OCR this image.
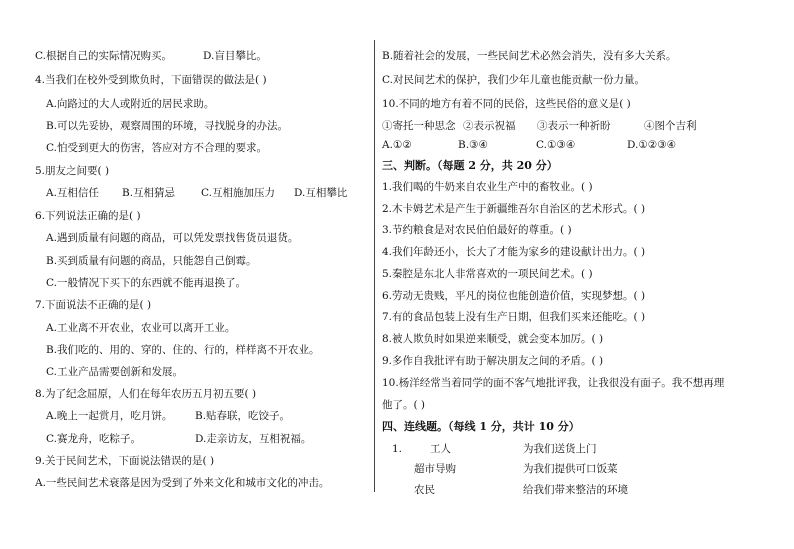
C.根据自己的实际情况购买。	D.盲目攀比。
4.当我们在校外受到欺负时，下面错误的做法是( )
A.向路过的大人或附近的居民求助。
B.可以先妥协，观察周围的环境，寻找脱身的办法。
C.怕受到更大的伤害，答应对方不合理的要求。
5.朋友之间要( )
A.互相信任 B.互相猜忌 C.互相施加压力 D.互相攀比
6.下列说法正确的是( )
A.遇到质量有问题的商品，可以凭发票找售货员退货。
B.买到质量有问题的商品，只能怨自己倒霉。
C.一般情况下买下的东西就不能再退换了。
7.下面说法不正确的是( )
A.工业离不开农业，农业可以离开工业。
B.我们吃的、用的、穿的、住的、行的，样样离不开农业。
C.工业产品需要创新和发展。
8.为了纪念屈原，人们在每年农历五月初五要( )
A.晚上一起赏月，吃月饼。 B.贴春联，吃饺子。
C.赛龙舟，吃粽子。	D.走亲访友，互相祝福。
9.关于民间艺术，下面说法错误的是( )
A.一些民间艺术衰落是因为受到了外来文化和城市文化的冲击。
B.随着社会的发展，一些民间艺术必然会消失，没有多大关系。
C.对民间艺术的保护，我们少年儿童也能贡献一份力量。
10.不同的地方有着不同的民俗，这些民俗的意义是( )
①寄托一种思念 ②表示祝福 ③表示一种祈盼	④图个吉利
A.①②	B.③④	C.①③④	D.①②③④
三、判断。（每题 2 分，共 20 分）
1.我们喝的牛奶来自农业生产中的畜牧业。( )
2.木卡姆艺术是产生于新疆维吾尔自治区的艺术形式。( )
3.节约粮食是对农民伯伯最好的尊重。( )
4.我们年龄还小，长大了才能为家乡的建设献计出力。( )
5.秦腔是东北人非常喜欢的一项民间艺术。( )
6.劳动无贵贱，平凡的岗位也能创造价值，实现梦想。( )
7.有的食品包装上没有生产日期，但我们买来还能吃。( )
8.被人欺负时如果逆来顺受，就会变本加厉。( )
9.多作自我批评有助于解决朋友之间的矛盾。( )
10.杨洋经常当着同学的面不客气地批评我，让我很没有面子。我不想再理
他了。( )
四、连线题。（每线 1 分，共计 10 分）
1.	工人
超市导购
农民
为我们送货上门
为我们提供可口饭菜
给我们带来整洁的环境
